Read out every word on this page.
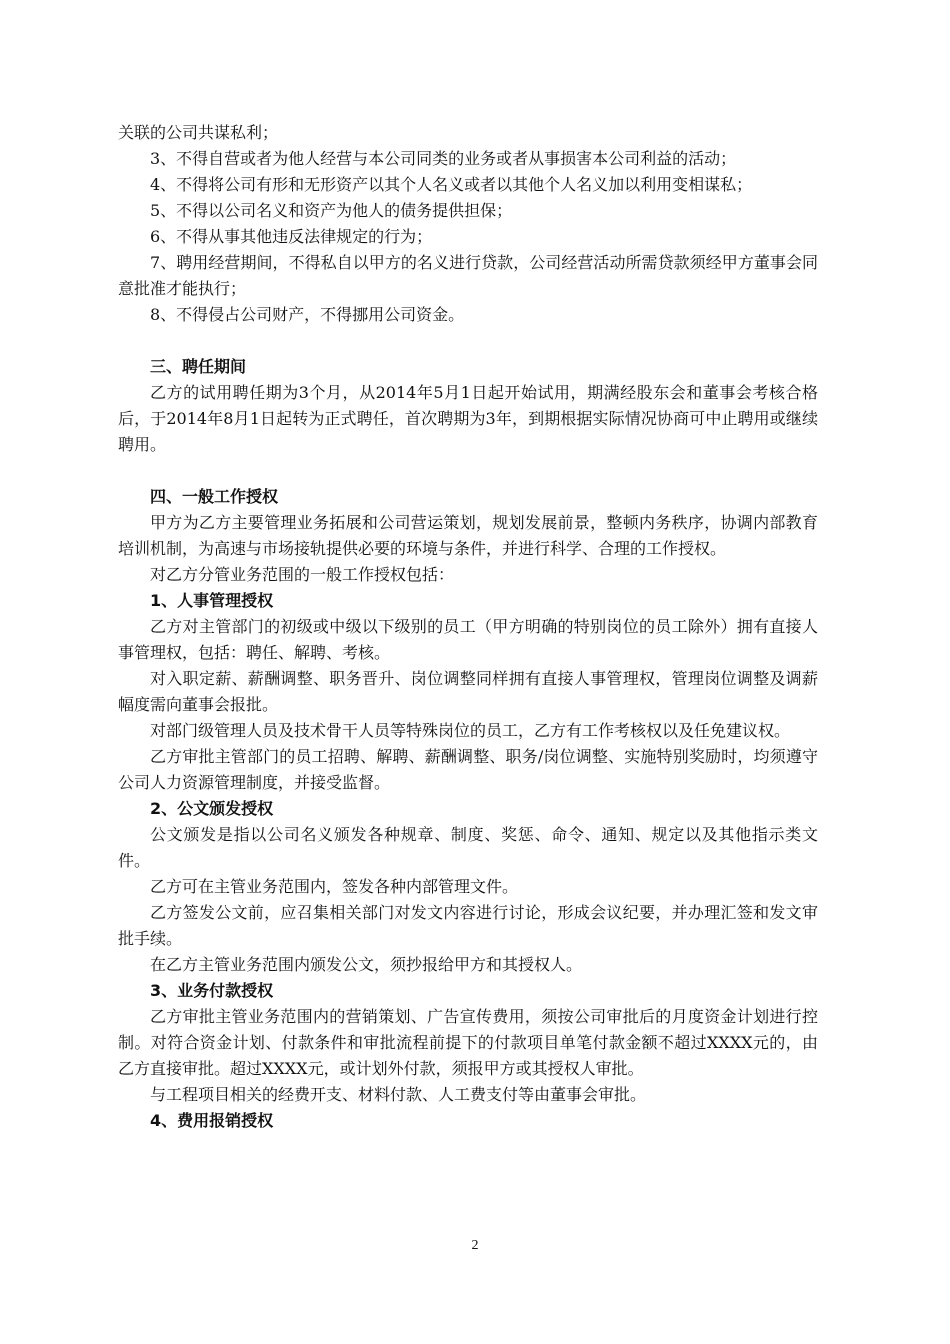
关联的公司共谋私利；

3、不得自营或者为他人经营与本公司同类的业务或者从事损害本公司利益的活动；

4、不得将公司有形和无形资产以其个人名义或者以其他个人名义加以利用变相谋私；

5、不得以公司名义和资产为他人的债务提供担保；

6、不得从事其他违反法律规定的行为；

7、聘用经营期间，不得私自以甲方的名义进行贷款，公司经营活动所需贷款须经甲方董事会同意批准才能执行；

8、不得侵占公司财产，不得挪用公司资金。

三、聘任期间

乙方的试用聘任期为3个月，从2014年5月1日起开始试用，期满经股东会和董事会考核合格后，于2014年8月1日起转为正式聘任，首次聘期为3年，到期根据实际情况协商可中止聘用或继续聘用。

四、一般工作授权

甲方为乙方主要管理业务拓展和公司营运策划，规划发展前景，整顿内务秩序，协调内部教育培训机制，为高速与市场接轨提供必要的环境与条件，并进行科学、合理的工作授权。

对乙方分管业务范围的一般工作授权包括：

1、人事管理授权

乙方对主管部门的初级或中级以下级别的员工（甲方明确的特别岗位的员工除外）拥有直接人事管理权，包括：聘任、解聘、考核。

对入职定薪、薪酬调整、职务晋升、岗位调整同样拥有直接人事管理权，管理岗位调整及调薪幅度需向董事会报批。

对部门级管理人员及技术骨干人员等特殊岗位的员工，乙方有工作考核权以及任免建议权。

乙方审批主管部门的员工招聘、解聘、薪酬调整、职务/岗位调整、实施特别奖励时，均须遵守公司人力资源管理制度，并接受监督。

2、公文颁发授权

公文颁发是指以公司名义颁发各种规章、制度、奖惩、命令、通知、规定以及其他指示类文件。

乙方可在主管业务范围内，签发各种内部管理文件。

乙方签发公文前，应召集相关部门对发文内容进行讨论，形成会议纪要，并办理汇签和发文审批手续。

在乙方主管业务范围内颁发公文，须抄报给甲方和其授权人。

3、业务付款授权

乙方审批主管业务范围内的营销策划、广告宣传费用，须按公司审批后的月度资金计划进行控制。对符合资金计划、付款条件和审批流程前提下的付款项目单笔付款金额不超过XXXX元的，由乙方直接审批。超过XXXX元，或计划外付款，须报甲方或其授权人审批。

与工程项目相关的经费开支、材料付款、人工费支付等由董事会审批。

4、费用报销授权

2
